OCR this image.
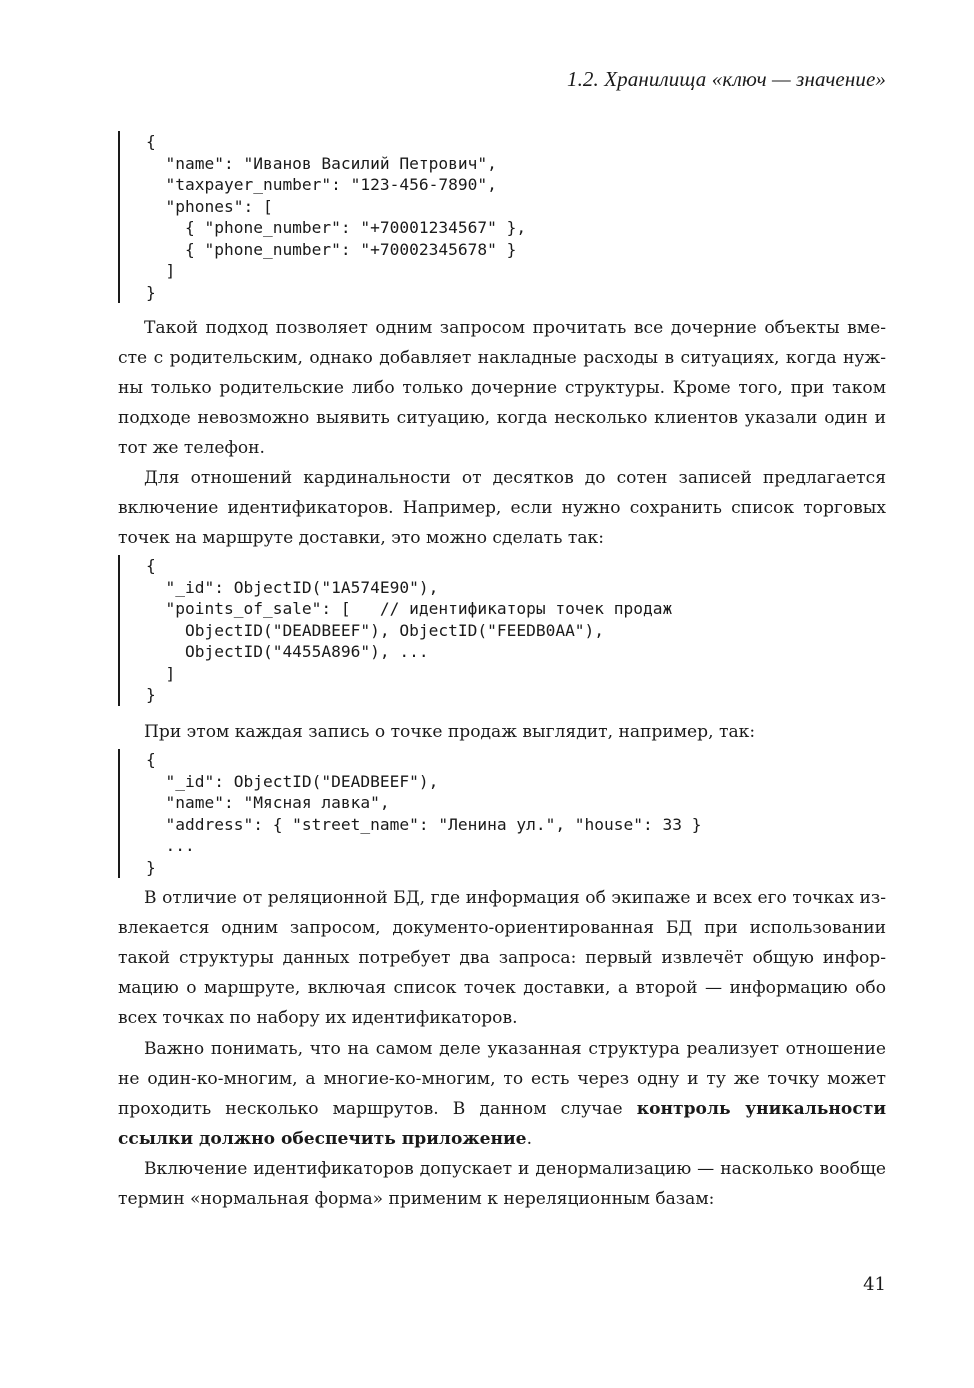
1.2. Хранилища «ключ — значение»
{
"name": "Иванов Василий Петрович",
"taxpayer_number": "123-456-7890",
"phones": [
{ "phone_number": "+70001234567" },
{ "phone_number": "+70002345678" }
]
}

Такой подход позволяет одним запросом прочитать все дочерние объекты вместе с родительским, однако добавляет накладные расходы в ситуациях, когда нужны только родительские либо только дочерние структуры. Кроме того, при таком подходе невозможно выявить ситуацию, когда несколько клиентов указали один и тот же телефон.

Для отношений кардинальности от десятков до сотен записей предлагается включение идентификаторов. Например, если нужно сохранить список торговых точек на маршруте доставки, это можно сделать так:

{
"_id": ObjectID("1A574E90"),
"points_of_sale": [   // идентификаторы точек продаж
ObjectID("DEADBEEF"), ObjectID("FEEDB0AA"),
ObjectID("4455A896"), ...
]
}

При этом каждая запись о точке продаж выглядит, например, так:

{
"_id": ObjectID("DEADBEEF"),
"name": "Мясная лавка",
"address": { "street_name": "Ленина ул.", "house": 33 }
...
}

В отличие от реляционной БД, где информация об экипаже и всех его точках извлекается одним запросом, документо-ориентированная БД при использовании такой структуры данных потребует два запроса: первый извлечёт общую информацию о маршруте, включая список точек доставки, а второй — информацию обо всех точках по набору их идентификаторов.

Важно понимать, что на самом деле указанная структура реализует отношение не один-ко-многим, а многие-ко-многим, то есть через одну и ту же точку может проходить несколько маршрутов. В данном случае контроль уникальности ссылки должно обеспечить приложение.

Включение идентификаторов допускает и денормализацию — насколько вообще термин «нормальная форма» применим к нереляционным базам:

41
